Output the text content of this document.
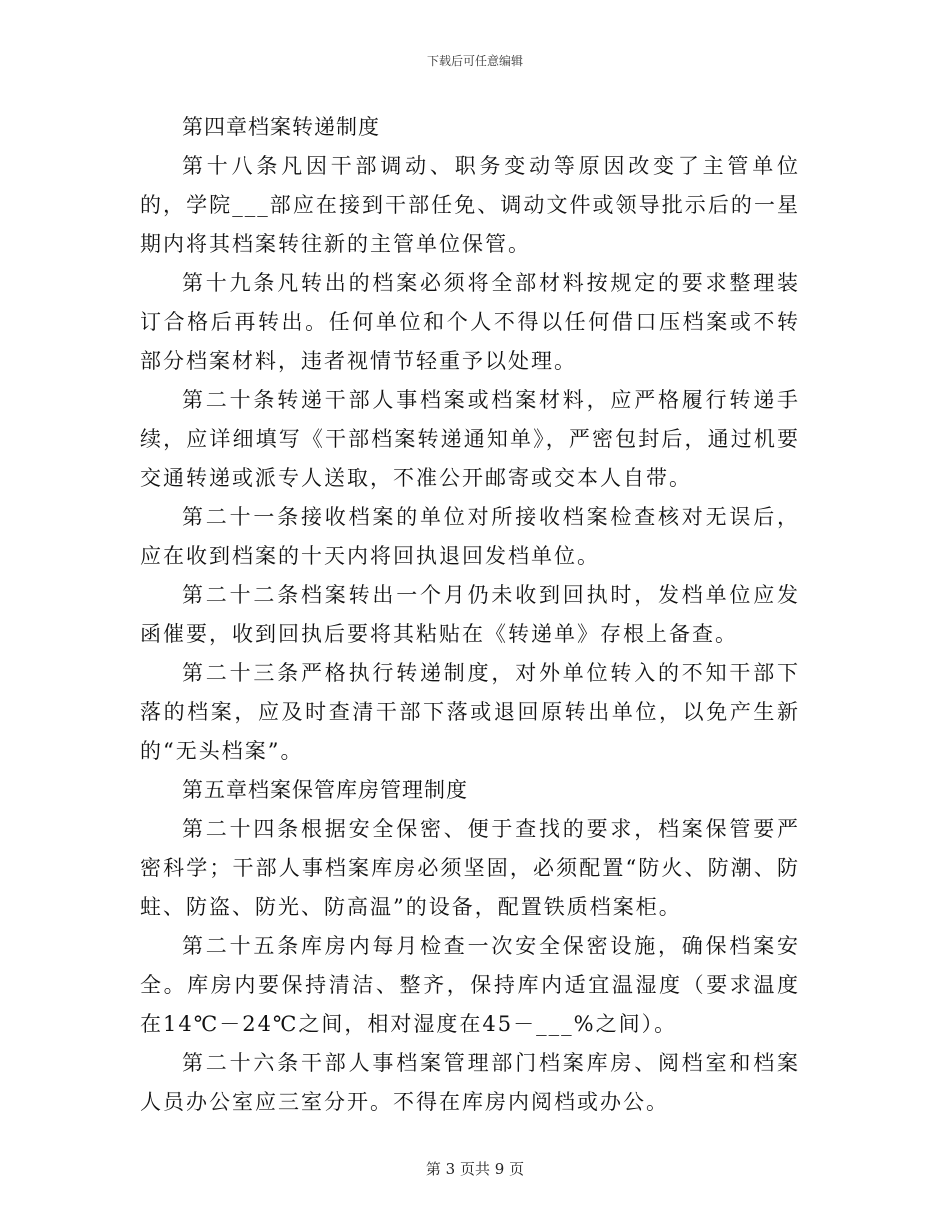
下载后可任意编辑

第四章档案转递制度

第十八条凡因干部调动、职务变动等原因改变了主管单位的，学院___部应在接到干部任免、调动文件或领导批示后的一星期内将其档案转往新的主管单位保管。

第十九条凡转出的档案必须将全部材料按规定的要求整理装订合格后再转出。任何单位和个人不得以任何借口压档案或不转部分档案材料，违者视情节轻重予以处理。

第二十条转递干部人事档案或档案材料，应严格履行转递手续，应详细填写《干部档案转递通知单》，严密包封后，通过机要交通转递或派专人送取，不准公开邮寄或交本人自带。

第二十一条接收档案的单位对所接收档案检查核对无误后，应在收到档案的十天内将回执退回发档单位。

第二十二条档案转出一个月仍未收到回执时，发档单位应发函催要，收到回执后要将其粘贴在《转递单》存根上备查。

第二十三条严格执行转递制度，对外单位转入的不知干部下落的档案，应及时查清干部下落或退回原转出单位，以免产生新的“无头档案”。

第五章档案保管库房管理制度

第二十四条根据安全保密、便于查找的要求，档案保管要严密科学；干部人事档案库房必须坚固，必须配置“防火、防潮、防蛀、防盗、防光、防高温”的设备，配置铁质档案柜。

第二十五条库房内每月检查一次安全保密设施，确保档案安全。库房内要保持清洁、整齐，保持库内适宜温湿度（要求温度在14℃－24℃之间，相对湿度在45－___%之间）。

第二十六条干部人事档案管理部门档案库房、阅档室和档案人员办公室应三室分开。不得在库房内阅档或办公。

第 3 页共 9 页
